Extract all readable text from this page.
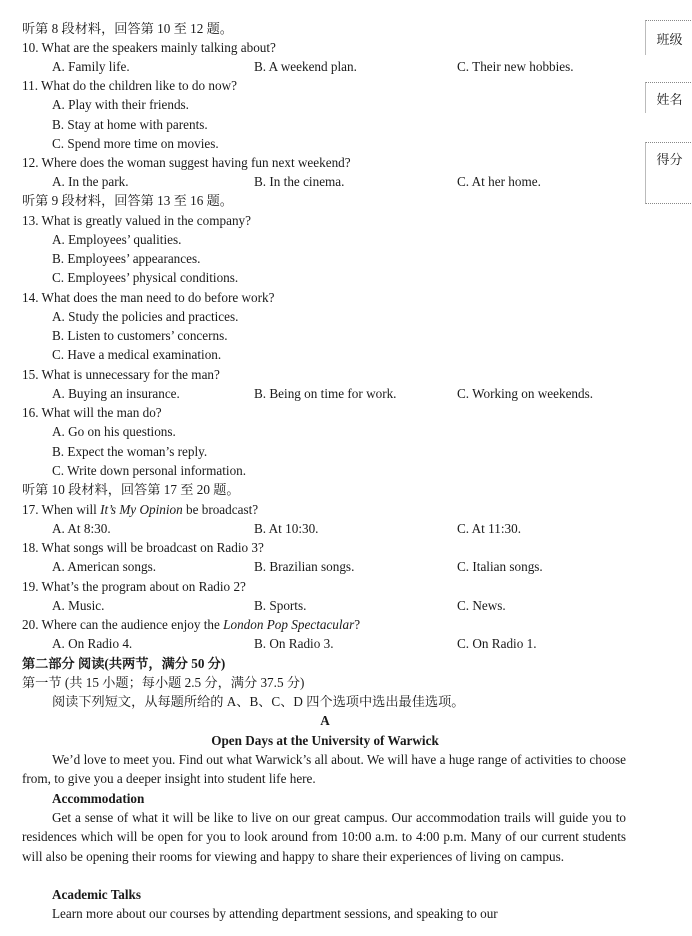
班级
姓名
得分
听第 8 段材料，回答第 10 至 12 题。
10. What are the speakers mainly talking about?
A. Family life.	B. A weekend plan.	C. Their new hobbies.
11. What do the children like to do now?
A. Play with their friends.
B. Stay at home with parents.
C. Spend more time on movies.
12. Where does the woman suggest having fun next weekend?
A. In the park.	B. In the cinema.	C. At her home.
听第 9 段材料，回答第 13 至 16 题。
13. What is greatly valued in the company?
A. Employees’ qualities.
B. Employees’ appearances.
C. Employees’ physical conditions.
14. What does the man need to do before work?
A. Study the policies and practices.
B. Listen to customers’ concerns.
C. Have a medical examination.
15. What is unnecessary for the man?
A. Buying an insurance.	B. Being on time for work.	C. Working on weekends.
16. What will the man do?
A. Go on his questions.
B. Expect the woman’s reply.
C. Write down personal information.
听第 10 段材料，回答第 17 至 20 题。
17. When will It’s My Opinion be broadcast?
A. At 8:30.	B. At 10:30.	C. At 11:30.
18. What songs will be broadcast on Radio 3?
A. American songs.	B. Brazilian songs.	C. Italian songs.
19. What’s the program about on Radio 2?
A. Music.	B. Sports.	C. News.
20. Where can the audience enjoy the London Pop Spectacular?
A. On Radio 4.	B. On Radio 3.	C. On Radio 1.
第二部分 阅读(共两节，满分 50 分)
第一节 (共 15 小题；每小题 2.5 分，满分 37.5 分)
阅读下列短文，从每题所给的 A、B、C、D 四个选项中选出最佳选项。
A
Open Days at the University of Warwick
We’d love to meet you. Find out what Warwick’s all about. We will have a huge range of activities to choose from, to give you a deeper insight into student life here.
Accommodation
Get a sense of what it will be like to live on our great campus. Our accommodation trails will guide you to residences which will be open for you to look around from 10:00 a.m. to 4:00 p.m. Many of our current students will also be opening their rooms for viewing and happy to share their experiences of living on campus.
Academic Talks
Learn more about our courses by attending department sessions, and speaking to our
